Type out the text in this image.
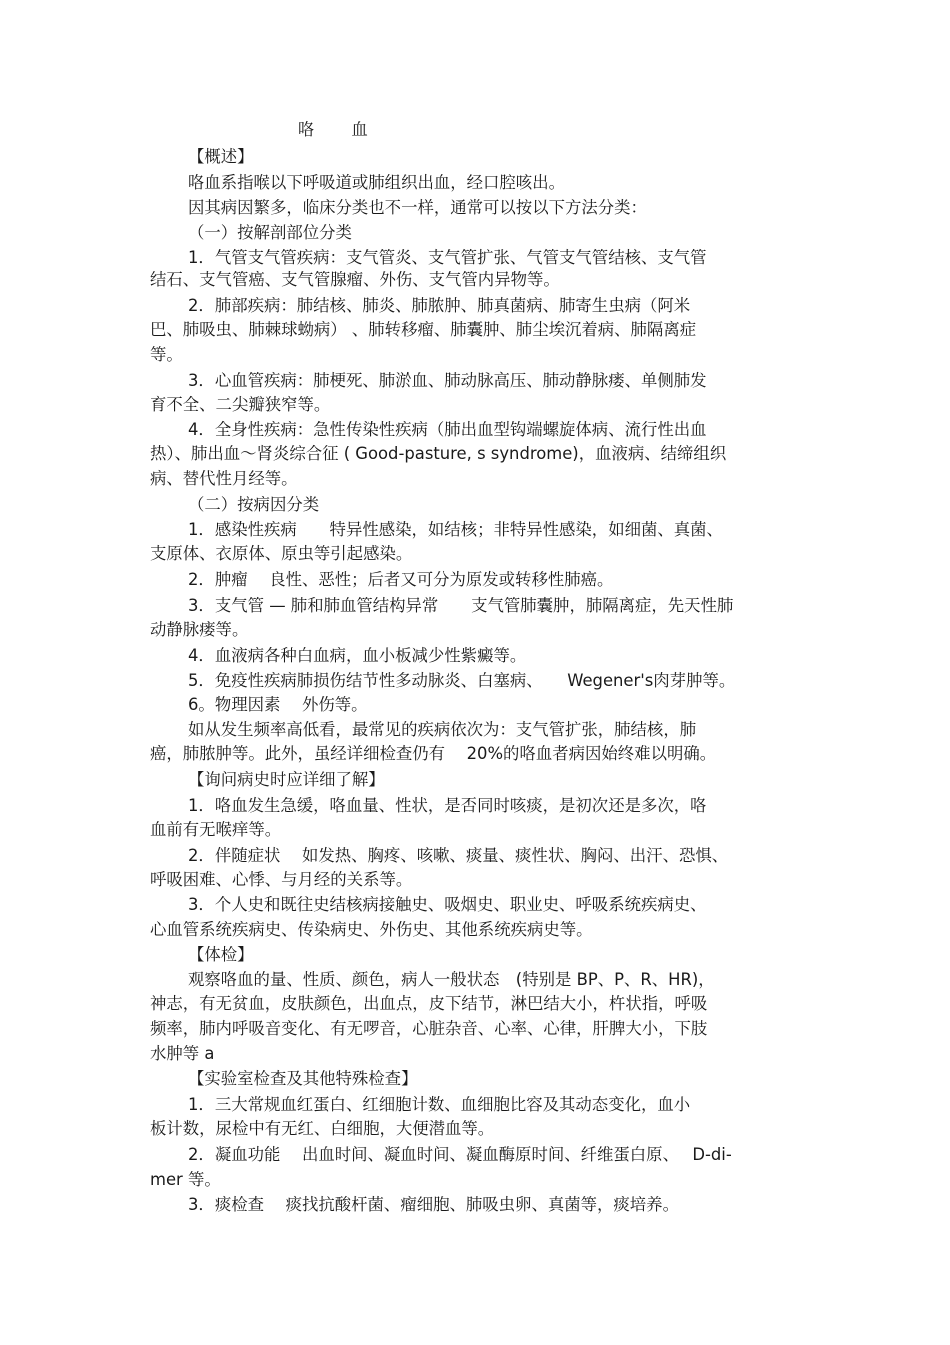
咯 血
【概述】
咯血系指喉以下呼吸道或肺组织出血，经口腔咳出。
因其病因繁多，临床分类也不一样，通常可以按以下方法分类：
（一）按解剖部位分类
1．气管支气管疾病：支气管炎、支气管扩张、气管支气管结核、支气管
结石、支气管癌、支气管腺瘤、外伤、支气管内异物等。
2．肺部疾病：肺结核、肺炎、肺脓肿、肺真菌病、肺寄生虫病（阿米
巴、肺吸虫、肺棘球蚴病） 、肺转移瘤、肺囊肿、肺尘埃沉着病、肺隔离症
等。
3．心血管疾病：肺梗死、肺淤血、肺动脉高压、肺动静脉瘘、单侧肺发
育不全、二尖瓣狭窄等。
4．全身性疾病：急性传染性疾病（肺出血型钩端螺旋体病、流行性出血
热）、肺出血～肾炎综合征 ( Good-pasture, s syndrome)，血液病、结缔组织
病、替代性月经等。
（二）按病因分类
1．感染性疾病　　特异性感染，如结核；非特异性感染，如细菌、真菌、
支原体、衣原体、原虫等引起感染。
2．肿瘤　 良性、恶性；后者又可分为原发或转移性肺癌。
3．支气管 — 肺和肺血管结构异常　　支气管肺囊肿，肺隔离症，先天性肺
动静脉瘘等。
4．血液病各种白血病，血小板减少性紫癜等。
5．免疫性疾病肺损伤结节性多动脉炎、白塞病、　　Wegener's肉芽肿等。
6。物理因素　 外伤等。
如从发生频率高低看，最常见的疾病依次为：支气管扩张，肺结核，肺
癌，肺脓肿等。此外，虽经详细检查仍有　 20%的咯血者病因始终难以明确。
【询问病史时应详细了解】
1．咯血发生急缓，咯血量、性状，是否同时咳痰，是初次还是多次，咯
血前有无喉痒等。
2．伴随症状　 如发热、胸疼、咳嗽、痰量、痰性状、胸闷、出汗、恐惧、
呼吸困难、心悸、与月经的关系等。
3．个人史和既往史结核病接触史、吸烟史、职业史、呼吸系统疾病史、
心血管系统疾病史、传染病史、外伤史、其他系统疾病史等。
【体检】
观察咯血的量、性质、颜色，病人一般状态　(特别是 BP、P、R、HR)，
神志，有无贫血，皮肤颜色，出血点，皮下结节，淋巴结大小，杵状指，呼吸
频率，肺内呼吸音变化、有无啰音，心脏杂音、心率、心律，肝脾大小，下肢
水肿等 a
【实验室检查及其他特殊检查】
1．三大常规血红蛋白、红细胞计数、血细胞比容及其动态变化，血小
板计数，尿检中有无红、白细胞，大便潜血等。
2．凝血功能　 出血时间、凝血时间、凝血酶原时间、纤维蛋白原、　 D-di-
mer 等。
3．痰检查　 痰找抗酸杆菌、瘤细胞、肺吸虫卵、真菌等，痰培养。
